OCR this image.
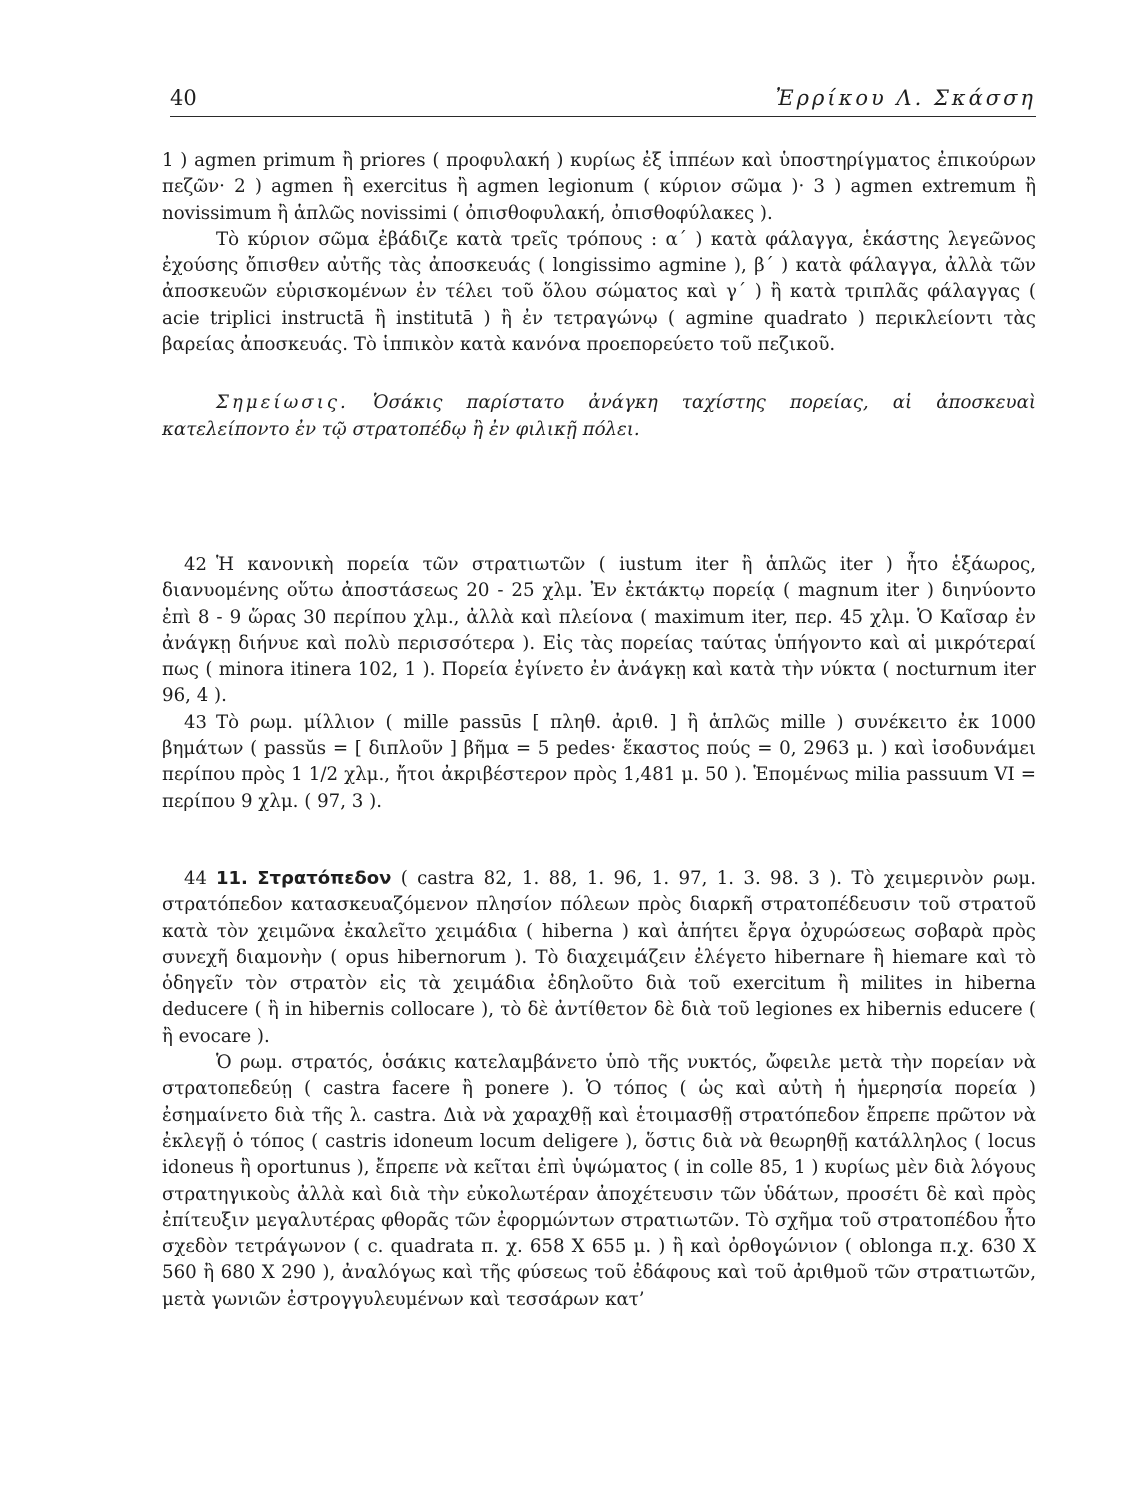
40	Ἐρρίκου Λ. Σκάσση

1 ) agmen primum ἢ priores ( προφυλακή ) κυρίως ἐξ ἱππέων καὶ ὑποστηρίγματος ἐπικούρων πεζῶν· 2 ) agmen ἢ exercitus ἢ agmen legionum ( κύριον σῶμα )· 3 ) agmen extremum ἢ novissimum ἢ ἁπλῶς novissimi ( ὀπισθοφυλακή, ὀπισθοφύλακες ).

Τὸ κύριον σῶμα ἐβάδιζε κατὰ τρεῖς τρόπους : α΄ ) κατὰ φάλαγγα, ἑκάστης λεγεῶνος ἐχούσης ὄπισθεν αὐτῆς τὰς ἀποσκευάς ( longissimo agmine ), β΄ ) κατὰ φάλαγγα, ἀλλὰ τῶν ἀποσκευῶν εὑρισκομένων ἐν τέλει τοῦ ὅλου σώματος καὶ γ΄ ) ἢ κατὰ τριπλᾶς φάλαγγας ( acie triplici instructā ἢ institutā ) ἢ ἐν τετραγώνῳ ( agmine quadrato ) περικλείοντι τὰς βαρείας ἀποσκευάς. Τὸ ἱππικὸν κατὰ κανόνα προεπορεύετο τοῦ πεζικοῦ.

Σημείωσις. Ὁσάκις παρίστατο ἀνάγκη ταχίστης πορείας, αἱ ἀποσκευαὶ κατελείποντο ἐν τῷ στρατοπέδῳ ἢ ἐν φιλικῇ πόλει.

42 Ἡ κανονικὴ πορεία τῶν στρατιωτῶν ( iustum iter ἢ ἁπλῶς iter ) ἦτο ἑξάωρος, διανυομένης οὕτω ἀποστάσεως 20 - 25 χλμ. Ἐν ἐκτάκτῳ πορείᾳ ( magnum iter ) διηνύοντο ἐπὶ 8 - 9 ὥρας 30 περίπου χλμ., ἀλλὰ καὶ πλείονα ( maximum iter, περ. 45 χλμ. Ὁ Καῖσαρ ἐν ἀνάγκῃ διήνυε καὶ πολὺ περισσότερα ). Εἰς τὰς πορείας ταύτας ὑπήγοντο καὶ αἱ μικρότεραί πως ( minora itinera 102, 1 ). Πορεία ἐγίνετο ἐν ἀνάγκῃ καὶ κατὰ τὴν νύκτα ( nocturnum iter 96, 4 ).

43 Τὸ ρωμ. μίλλιον ( mille passūs [ πληθ. ἀριθ. ] ἢ ἁπλῶς mille ) συνέκειτο ἐκ 1000 βημάτων ( passŭs = [ διπλοῦν ] βῆμα = 5 pedes· ἕκαστος πούς = 0, 2963 μ. ) καὶ ἰσοδυνάμει περίπου πρὸς 1 1/2 χλμ., ἤτοι ἀκριβέστερον πρὸς 1,481 μ. 50 ). Ἑπομένως milia passuum VI = περίπου 9 χλμ. ( 97, 3 ).

44 11. Στρατόπεδον ( castra 82, 1. 88, 1. 96, 1. 97, 1. 3. 98. 3 ). Τὸ χειμερινὸν ρωμ. στρατόπεδον κατασκευαζόμενον πλησίον πόλεων πρὸς διαρκῆ στρατοπέδευσιν τοῦ στρατοῦ κατὰ τὸν χειμῶνα ἐκαλεῖτο χειμάδια ( hiberna ) καὶ ἀπήτει ἔργα ὀχυρώσεως σοβαρὰ πρὸς συνεχῆ διαμονὴν ( opus hibernorum ). Τὸ διαχειμάζειν ἐλέγετο hibernare ἢ hiemare καὶ τὸ ὁδηγεῖν τὸν στρατὸν εἰς τὰ χειμάδια ἐδηλοῦτο διὰ τοῦ exercitum ἢ milites in hiberna deducere ( ἢ in hibernis collocare ), τὸ δὲ ἀντίθετον δὲ διὰ τοῦ legiones ex hibernis educere ( ἢ evocare ).

Ὁ ρωμ. στρατός, ὁσάκις κατελαμβάνετο ὑπὸ τῆς νυκτός, ὤφειλε μετὰ τὴν πορείαν νὰ στρατοπεδεύῃ ( castra facere ἢ ponere ). Ὁ τόπος ( ὡς καὶ αὐτὴ ἡ ἡμερησία πορεία ) ἐσημαίνετο διὰ τῆς λ. castra. Διὰ νὰ χαραχθῇ καὶ ἑτοιμασθῇ στρατόπεδον ἔπρεπε πρῶτον νὰ ἐκλεγῇ ὁ τόπος ( castris idoneum locum deligere ), ὅστις διὰ νὰ θεωρηθῇ κατάλληλος ( locus idoneus ἢ oportunus ), ἔπρεπε νὰ κεῖται ἐπὶ ὑψώματος ( in colle 85, 1 ) κυρίως μὲν διὰ λόγους στρατηγικοὺς ἀλλὰ καὶ διὰ τὴν εὐκολωτέραν ἀποχέτευσιν τῶν ὑδάτων, προσέτι δὲ καὶ πρὸς ἐπίτευξιν μεγαλυτέρας φθορᾶς τῶν ἐφορμώντων στρατιωτῶν. Τὸ σχῆμα τοῦ στρατοπέδου ἦτο σχεδὸν τετράγωνον ( c. quadrata π. χ. 658 X 655 μ. ) ἢ καὶ ὀρθογώνιον ( oblonga π.χ. 630 X 560 ἢ 680 X 290 ), ἀναλόγως καὶ τῆς φύσεως τοῦ ἐδάφους καὶ τοῦ ἀριθμοῦ τῶν στρατιωτῶν, μετὰ γωνιῶν ἐστρογγυλευμένων καὶ τεσσάρων κατ’
